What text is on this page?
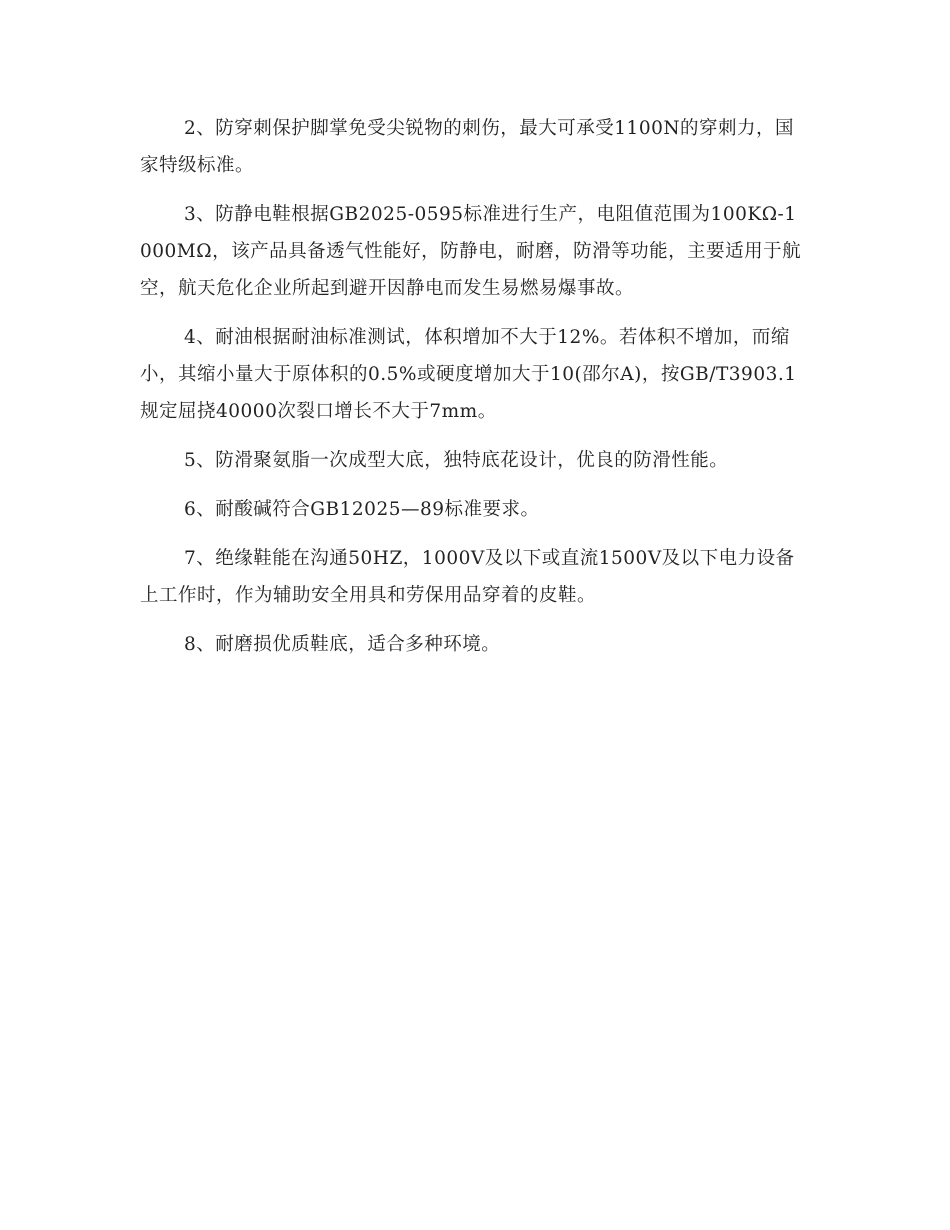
2、防穿刺保护脚掌免受尖锐物的刺伤，最大可承受1100N的穿刺力，国家特级标准。

3、防静电鞋根据GB2025-0595标准进行生产，电阻值范围为100KΩ-1000MΩ，该产品具备透气性能好，防静电，耐磨，防滑等功能，主要适用于航空，航天危化企业所起到避开因静电而发生易燃易爆事故。

4、耐油根据耐油标准测试，体积增加不大于12%。若体积不增加，而缩小，其缩小量大于原体积的0.5%或硬度增加大于10(邵尔A)，按GB/T3903.1规定屈挠40000次裂口增长不大于7mm。

5、防滑聚氨脂一次成型大底，独特底花设计，优良的防滑性能。

6、耐酸碱符合GB12025—89标准要求。

7、绝缘鞋能在沟通50HZ，1000V及以下或直流1500V及以下电力设备上工作时，作为辅助安全用具和劳保用品穿着的皮鞋。

8、耐磨损优质鞋底，适合多种环境。
